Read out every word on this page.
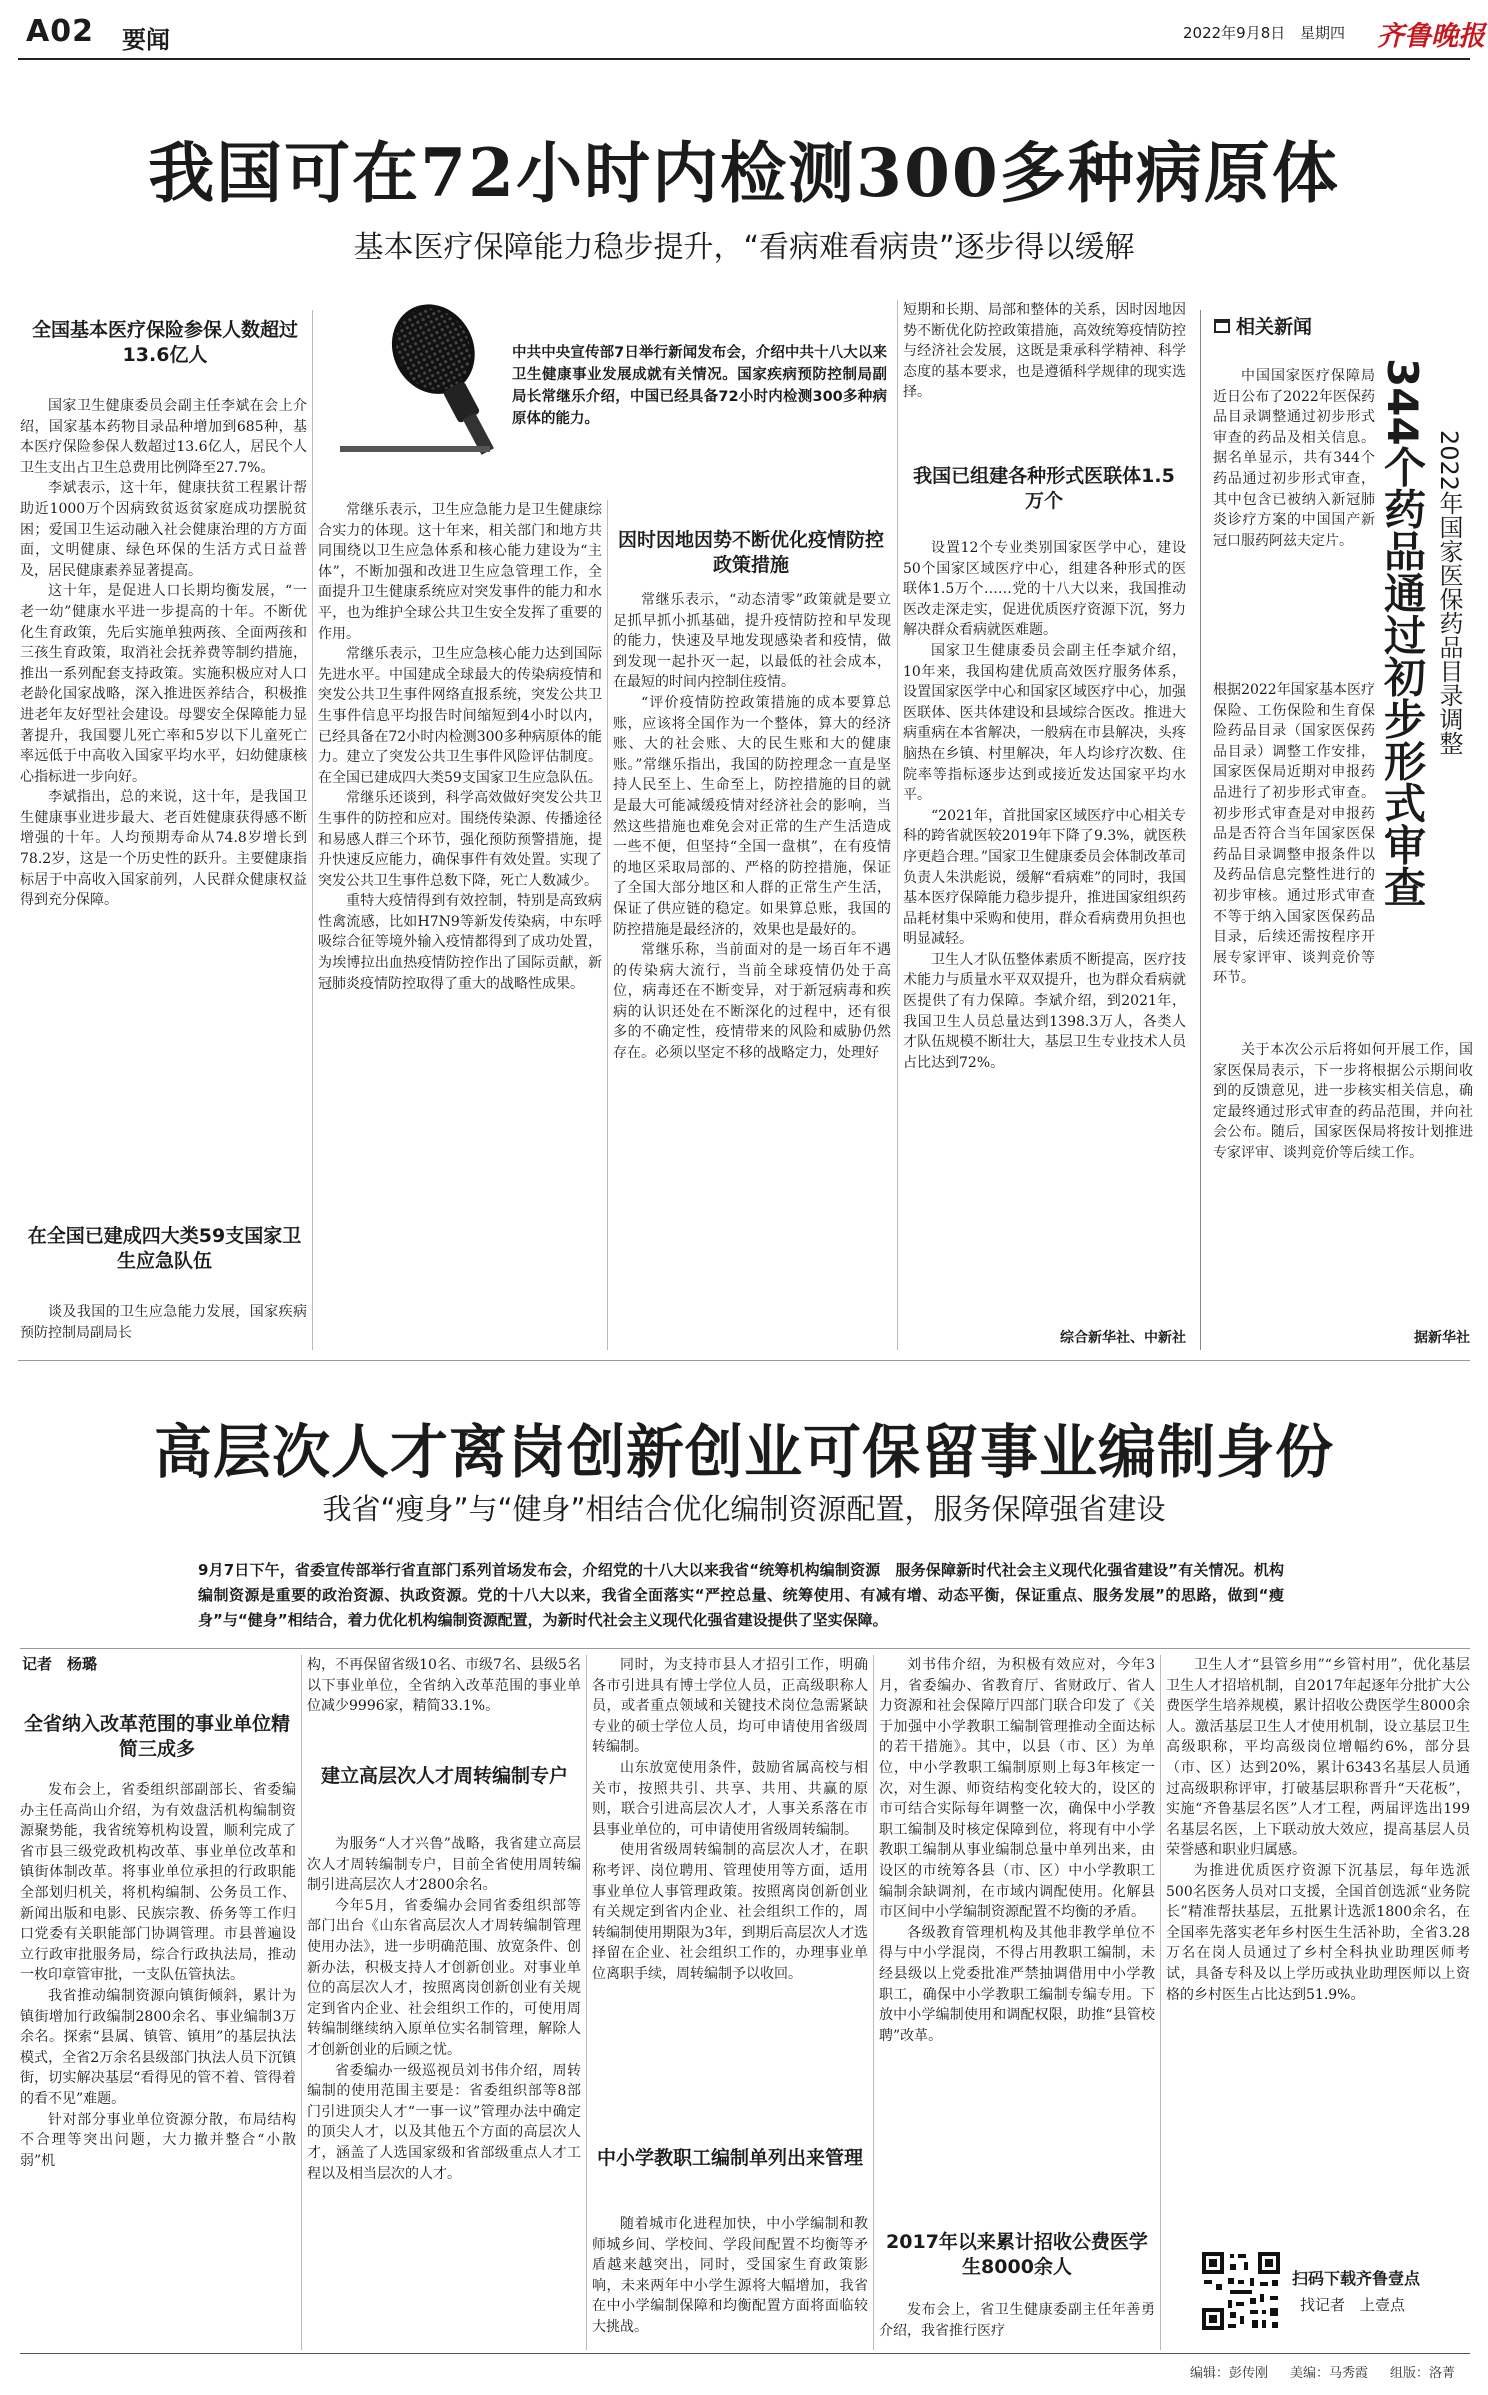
A02 要闻	2022年9月8日 星期四 齐鲁晚报
我国可在72小时内检测300多种病原体
基本医疗保障能力稳步提升，“看病难看病贵”逐步得以缓解
中共中央宣传部7日举行新闻发布会，介绍中共十八大以来卫生健康事业发展成就有关情况。国家疾病预防控制局副局长常继乐介绍，中国已经具备72小时内检测300多种病原体的能力。
全国基本医疗保险参保人数超过13.6亿人

国家卫生健康委员会副主任李斌在会上介绍，国家基本药物目录品种增加到685种，基本医疗保险参保人数超过13.6亿人，居民个人卫生支出占卫生总费用比例降至27.7%。

李斌表示，这十年，健康扶贫工程累计帮助近1000万个因病致贫返贫家庭成功摆脱贫困；爱国卫生运动融入社会健康治理的方方面面，文明健康、绿色环保的生活方式日益普及，居民健康素养显著提高。

这十年，是促进人口长期均衡发展，“一老一幼”健康水平进一步提高的十年。不断优化生育政策，先后实施单独两孩、全面两孩和三孩生育政策，取消社会抚养费等制约措施，推出一系列配套支持政策。实施积极应对人口老龄化国家战略，深入推进医养结合，积极推进老年友好型社会建设。母婴安全保障能力显著提升，我国婴儿死亡率和5岁以下儿童死亡率远低于中高收入国家平均水平，妇幼健康核心指标进一步向好。

李斌指出，总的来说，这十年，是我国卫生健康事业进步最大、老百姓健康获得感不断增强的十年。人均预期寿命从74.8岁增长到78.2岁，这是一个历史性的跃升。主要健康指标居于中高收入国家前列，人民群众健康权益得到充分保障。

在全国已建成四大类59支国家卫生应急队伍

谈及我国的卫生应急能力发展，国家疾病预防控制局副局长

常继乐表示，卫生应急能力是卫生健康综合实力的体现。这十年来，相关部门和地方共同围绕以卫生应急体系和核心能力建设为“主体”，不断加强和改进卫生应急管理工作，全面提升卫生健康系统应对突发事件的能力和水平，也为维护全球公共卫生安全发挥了重要的作用。

常继乐表示，卫生应急核心能力达到国际先进水平。中国建成全球最大的传染病疫情和突发公共卫生事件网络直报系统，突发公共卫生事件信息平均报告时间缩短到4小时以内，已经具备在72小时内检测300多种病原体的能力。建立了突发公共卫生事件风险评估制度。在全国已建成四大类59支国家卫生应急队伍。

常继乐还谈到，科学高效做好突发公共卫生事件的防控和应对。围绕传染源、传播途径和易感人群三个环节，强化预防预警措施，提升快速反应能力，确保事件有效处置。实现了突发公共卫生事件总数下降，死亡人数减少。

重特大疫情得到有效控制，特别是高致病性禽流感，比如H7N9等新发传染病，中东呼吸综合征等境外输入疫情都得到了成功处置，为埃博拉出血热疫情防控作出了国际贡献，新冠肺炎疫情防控取得了重大的战略性成果。

因时因地因势不断优化疫情防控政策措施

常继乐表示，“动态清零”政策就是要立足抓早抓小抓基础，提升疫情防控和早发现的能力，快速及早地发现感染者和疫情，做到发现一起扑灭一起，以最低的社会成本，在最短的时间内控制住疫情。

“评价疫情防控政策措施的成本要算总账，应该将全国作为一个整体，算大的经济账、大的社会账、大的民生账和大的健康账。”常继乐指出，我国的防控理念一直是坚持人民至上、生命至上，防控措施的目的就是最大可能减缓疫情对经济社会的影响，当然这些措施也难免会对正常的生产生活造成一些不便，但坚持“全国一盘棋”，在有疫情的地区采取局部的、严格的防控措施，保证了全国大部分地区和人群的正常生产生活，保证了供应链的稳定。如果算总账，我国的防控措施是最经济的，效果也是最好的。

常继乐称，当前面对的是一场百年不遇的传染病大流行，当前全球疫情仍处于高位，病毒还在不断变异，对于新冠病毒和疾病的认识还处在不断深化的过程中，还有很多的不确定性，疫情带来的风险和威胁仍然存在。必须以坚定不移的战略定力，处理好

短期和长期、局部和整体的关系，因时因地因势不断优化防控政策措施，高效统筹疫情防控与经济社会发展，这既是秉承科学精神、科学态度的基本要求，也是遵循科学规律的现实选择。

我国已组建各种形式医联体1.5万个

设置12个专业类别国家医学中心，建设50个国家区域医疗中心，组建各种形式的医联体1.5万个……党的十八大以来，我国推动医改走深走实，促进优质医疗资源下沉，努力解决群众看病就医难题。

国家卫生健康委员会副主任李斌介绍，10年来，我国构建优质高效医疗服务体系，设置国家医学中心和国家区域医疗中心，加强医联体、医共体建设和县域综合医改。推进大病重病在本省解决，一般病在市县解决，头疼脑热在乡镇、村里解决，年人均诊疗次数、住院率等指标逐步达到或接近发达国家平均水平。

“2021年，首批国家区域医疗中心相关专科的跨省就医较2019年下降了9.3%，就医秩序更趋合理。”国家卫生健康委员会体制改革司负责人朱洪彪说，缓解“看病难”的同时，我国基本医疗保障能力稳步提升，推进国家组织药品耗材集中采购和使用，群众看病费用负担也明显减轻。

卫生人才队伍整体素质不断提高，医疗技术能力与质量水平双双提升，也为群众看病就医提供了有力保障。李斌介绍，到2021年，我国卫生人员总量达到1398.3万人，各类人才队伍规模不断壮大，基层卫生专业技术人员占比达到72%。

综合新华社、中新社
相关新闻
344个药品通过初步形式审查 2022年国家医保药品目录调整

中国国家医疗保障局近日公布了2022年医保药品目录调整通过初步形式审查的药品及相关信息。据名单显示，共有344个药品通过初步形式审查，其中包含已被纳入新冠肺炎诊疗方案的中国国产新冠口服药阿兹夫定片。

根据2022年国家基本医疗保险、工伤保险和生育保险药品目录（国家医保药品目录）调整工作安排，国家医保局近期对申报药品进行了初步形式审查。初步形式审查是对申报药品是否符合当年国家医保药品目录调整申报条件以及药品信息完整性进行的初步审核。通过形式审查不等于纳入国家医保药品目录，后续还需按程序开展专家评审、谈判竞价等环节。

关于本次公示后将如何开展工作，国家医保局表示，下一步将根据公示期间收到的反馈意见，进一步核实相关信息，确定最终通过形式审查的药品范围，并向社会公布。随后，国家医保局将按计划推进专家评审、谈判竞价等后续工作。

据新华社
高层次人才离岗创新创业可保留事业编制身份
我省“瘦身”与“健身”相结合优化编制资源配置，服务保障强省建设
9月7日下午，省委宣传部举行省直部门系列首场发布会，介绍党的十八大以来我省“统筹机构编制资源　服务保障新时代社会主义现代化强省建设”有关情况。机构编制资源是重要的政治资源、执政资源。党的十八大以来，我省全面落实“严控总量、统筹使用、有减有增、动态平衡，保证重点、服务发展”的思路，做到“瘦身”与“健身”相结合，着力优化机构编制资源配置，为新时代社会主义现代化强省建设提供了坚实保障。
记者　杨璐
全省纳入改革范围的事业单位精简三成多

发布会上，省委组织部副部长、省委编办主任高尚山介绍，为有效盘活机构编制资源聚势能，我省统筹机构设置，顺利完成了省市县三级党政机构改革、事业单位改革和镇街体制改革。将事业单位承担的行政职能全部划归机关，将机构编制、公务员工作、新闻出版和电影、民族宗教、侨务等工作归口党委有关职能部门协调管理。市县普遍设立行政审批服务局，综合行政执法局，推动一枚印章管审批，一支队伍管执法。

我省推动编制资源向镇街倾斜，累计为镇街增加行政编制2800余名、事业编制3万余名。探索“县属、镇管、镇用”的基层执法模式，全省2万余名县级部门执法人员下沉镇街，切实解决基层“看得见的管不着、管得着的看不见”难题。

针对部分事业单位资源分散，布局结构不合理等突出问题，大力撤并整合“小散弱”机

构，不再保留省级10名、市级7名、县级5名以下事业单位，全省纳入改革范围的事业单位减少9996家，精简33.1%。

建立高层次人才周转编制专户

为服务“人才兴鲁”战略，我省建立高层次人才周转编制专户，目前全省使用周转编制引进高层次人才2800余名。

今年5月，省委编办会同省委组织部等部门出台《山东省高层次人才周转编制管理使用办法》，进一步明确范围、放宽条件、创新办法，积极支持人才创新创业。对事业单位的高层次人才，按照离岗创新创业有关规定到省内企业、社会组织工作的，可使用周转编制继续纳入原单位实名制管理，解除人才创新创业的后顾之忧。

省委编办一级巡视员刘书伟介绍，周转编制的使用范围主要是：省委组织部等8部门引进顶尖人才“一事一议”管理办法中确定的顶尖人才，以及其他五个方面的高层次人才，涵盖了人选国家级和省部级重点人才工程以及相当层次的人才。

同时，为支持市县人才招引工作，明确各市引进具有博士学位人员，正高级职称人员，或者重点领域和关键技术岗位急需紧缺专业的硕士学位人员，均可申请使用省级周转编制。

山东放宽使用条件，鼓励省属高校与相关市，按照共引、共享、共用、共赢的原则，联合引进高层次人才，人事关系落在市县事业单位的，可申请使用省级周转编制。

使用省级周转编制的高层次人才，在职称考评、岗位聘用、管理使用等方面，适用事业单位人事管理政策。按照离岗创新创业有关规定到省内企业、社会组织工作的，周转编制使用期限为3年，到期后高层次人才选择留在企业、社会组织工作的，办理事业单位离职手续，周转编制予以收回。

中小学教职工编制单列出来管理

随着城市化进程加快，中小学编制和教师城乡间、学校间、学段间配置不均衡等矛盾越来越突出，同时，受国家生育政策影响，未来两年中小学生源将大幅增加，我省在中小学编制保障和均衡配置方面将面临较大挑战。

刘书伟介绍，为积极有效应对，今年3月，省委编办、省教育厅、省财政厅、省人力资源和社会保障厅四部门联合印发了《关于加强中小学教职工编制管理推动全面达标的若干措施》。其中，以县（市、区）为单位，中小学教职工编制原则上每3年核定一次，对生源、师资结构变化较大的，设区的市可结合实际每年调整一次，确保中小学教职工编制及时核定保障到位，将现有中小学教职工编制从事业编制总量中单列出来，由设区的市统筹各县（市、区）中小学教职工编制余缺调剂，在市域内调配使用。化解县市区间中小学编制资源配置不均衡的矛盾。

各级教育管理机构及其他非教学单位不得与中小学混岗，不得占用教职工编制，未经县级以上党委批准严禁抽调借用中小学教职工，确保中小学教职工编制专编专用。下放中小学编制使用和调配权限，助推“县管校聘”改革。

2017年以来累计招收公费医学生8000余人

发布会上，省卫生健康委副主任年善勇介绍，我省推行医疗

卫生人才“县管乡用”“乡管村用”，优化基层卫生人才招培机制，自2017年起逐年分批扩大公费医学生培养规模，累计招收公费医学生8000余人。激活基层卫生人才使用机制，设立基层卫生高级职称，平均高级岗位增幅约6%，部分县（市、区）达到20%，累计6343名基层人员通过高级职称评审，打破基层职称晋升“天花板”，实施“齐鲁基层名医”人才工程，两届评选出199名基层名医，上下联动放大效应，提高基层人员荣誉感和职业归属感。

为推进优质医疗资源下沉基层，每年选派500名医务人员对口支援，全国首创选派“业务院长”精准帮扶基层，五批累计选派1800余名，在全国率先落实老年乡村医生生活补助，全省3.28万名在岗人员通过了乡村全科执业助理医师考试，具备专科及以上学历或执业助理医师以上资格的乡村医生占比达到51.9%。

扫码下载齐鲁壹点
找记者　上壹点
编辑：彭传刚 美编：马秀霞 组版：洛菁
